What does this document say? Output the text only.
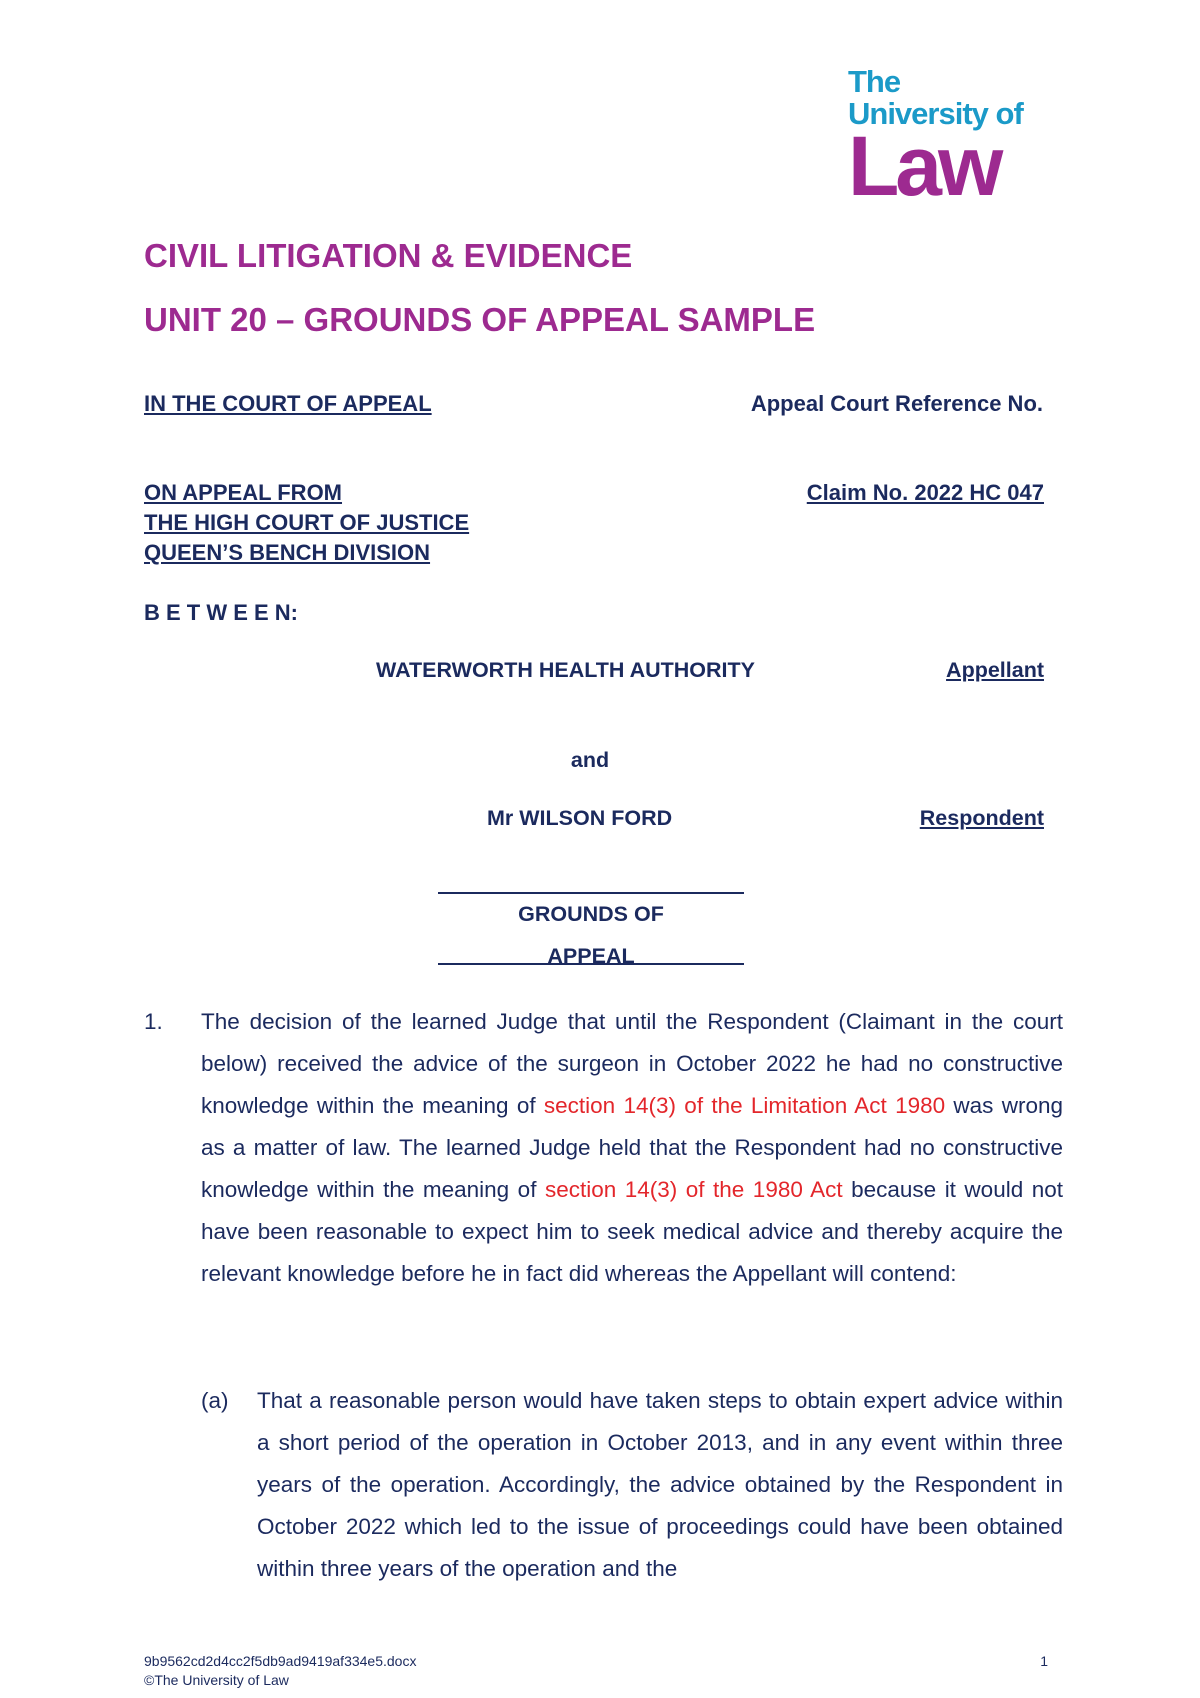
The
University of
Law
CIVIL LITIGATION & EVIDENCE
UNIT 20 – GROUNDS OF APPEAL SAMPLE
IN THE COURT OF APPEAL	Appeal Court Reference No.

ON APPEAL FROM

THE HIGH COURT OF JUSTICE

QUEEN’S BENCH DIVISION

Claim No. 2022 HC 047
B E T W E E N:
WATERWORTH HEALTH AUTHORITY	Appellant
and
Mr WILSON FORD	Respondent
GROUNDS OF
APPEAL
1. The decision of the learned Judge that until the Respondent (Claimant in the court below) received the advice of the surgeon in October 2022 he had no constructive knowledge within the meaning of section 14(3) of the Limitation Act 1980 was wrong as a matter of law. The learned Judge held that the Respondent had no constructive knowledge within the meaning of section 14(3) of the 1980 Act because it would not have been reasonable to expect him to seek medical advice and thereby acquire the relevant knowledge before he in fact did whereas the Appellant will contend:
(a) That a reasonable person would have taken steps to obtain expert advice within a short period of the operation in October 2013, and in any event within three years of the operation. Accordingly, the advice obtained by the Respondent in October 2022 which led to the issue of proceedings could have been obtained within three years of the operation and the
9b9562cd2d4cc2f5db9ad9419af334e5.docx
©The University of Law
1
